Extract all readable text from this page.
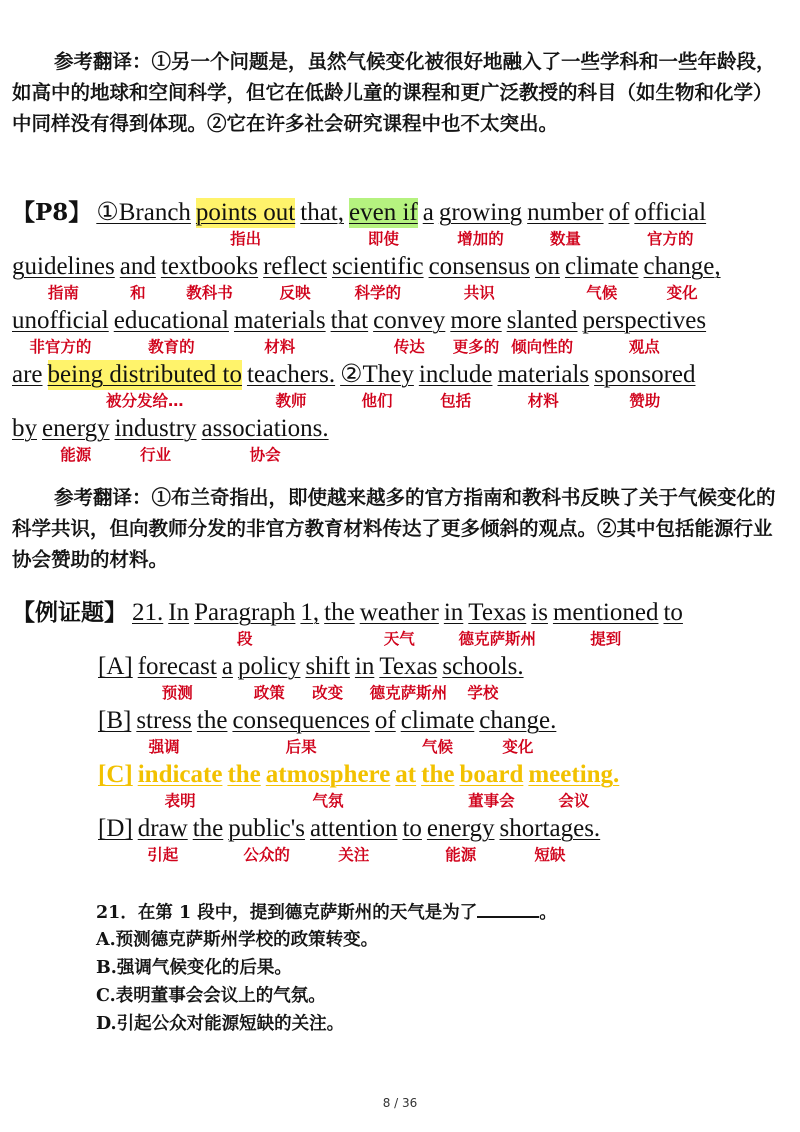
参考翻译：①另一个问题是，虽然气候变化被很好地融入了一些学科和一些年龄段，如高中的地球和空间科学，但它在低龄儿童的课程和更广泛教授的科目（如生物和化学）中同样没有得到体现。②它在许多社会研究课程中也不太突出。

【P8】 ①Branch points out that, even if a growing number of official
guidelines and textbooks reflect scientific consensus on climate change,
unofficial educational materials that convey more slanted perspectives
are being distributed to teachers. ②They include materials sponsored
by energy industry associations.

参考翻译：①布兰奇指出，即使越来越多的官方指南和教科书反映了关于气候变化的科学共识，但向教师分发的非官方教育材料传达了更多倾斜的观点。②其中包括能源行业协会赞助的材料。

【例证题】 21. In Paragraph 1, the weather in Texas is mentioned to
[A] forecast a policy shift in Texas schools.
[B] stress the consequences of climate change.
[C] indicate the atmosphere at the board meeting.
[D] draw the public's attention to energy shortages.
21．在第 1 段中，提到德克萨斯州的天气是为了	。
A.预测德克萨斯州学校的政策转变。
B.强调气候变化的后果。
C.表明董事会会议上的气氛。
D.引起公众对能源短缺的关注。
8 / 36
指出	即使	增加的	数量	官方的
指南	和	教科书	反映	科学的	共识	气候	变化
非官方的	教育的	材料	传达 更多的 倾向性的	观点
被分发给…	教师	他们	包括	材料	赞助
能源	行业	协会
段	天气	德克萨斯州	提到
预测	政策 改变 德克萨斯州 学校
强调	后果	气候	变化
表明	气氛	董事会	会议
引起	公众的	关注	能源	短缺
